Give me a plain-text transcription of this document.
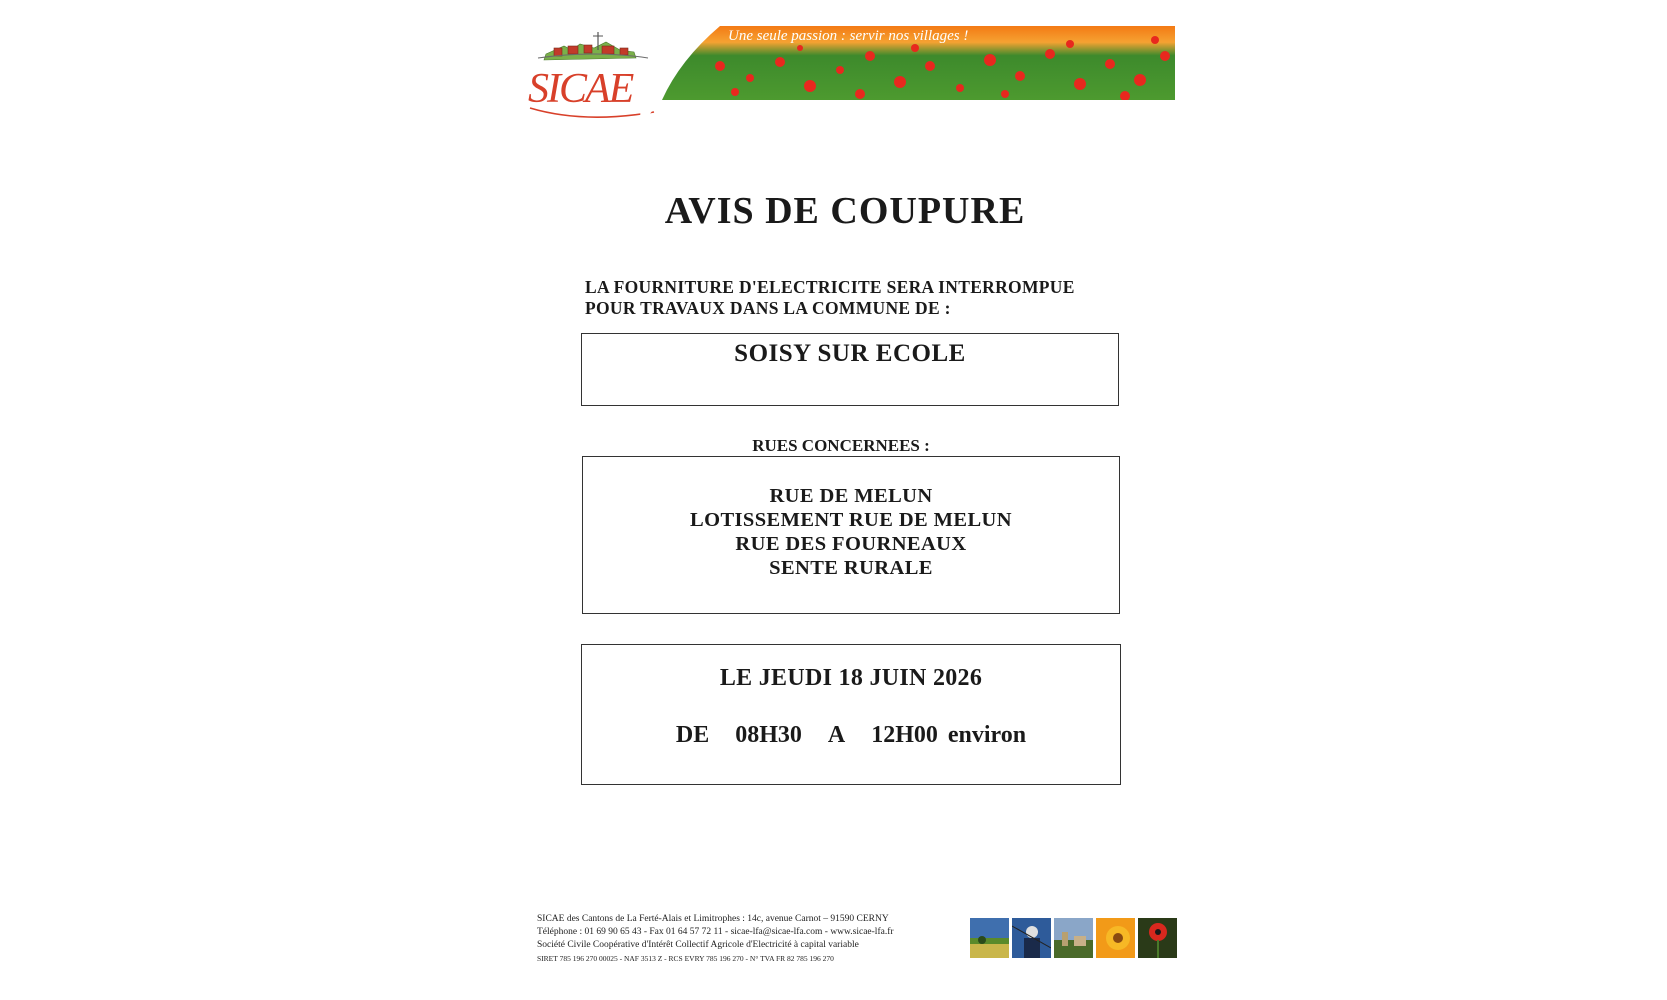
SICAE
Une seule passion : servir nos villages !
AVIS DE COUPURE
LA FOURNITURE D'ELECTRICITE SERA INTERROMPUE
POUR TRAVAUX DANS LA COMMUNE DE :
SOISY SUR ECOLE
RUES CONCERNEES :
RUE DE MELUN
LOTISSEMENT RUE DE MELUN
RUE DES FOURNEAUX
SENTE RURALE
LE JEUDI 18 JUIN 2026
DE 08H30 A 12H00 environ
SICAE des Cantons de La Ferté-Alais et Limitrophes : 14c, avenue Carnot – 91590 CERNY
Téléphone : 01 69 90 65 43 - Fax 01 64 57 72 11 - sicae-lfa@sicae-lfa.com - www.sicae-lfa.fr
Société Civile Coopérative d'Intérêt Collectif Agricole d'Electricité à capital variable
SIRET 785 196 270 00025 - NAF 3513 Z - RCS EVRY 785 196 270 - N° TVA FR 82 785 196 270
